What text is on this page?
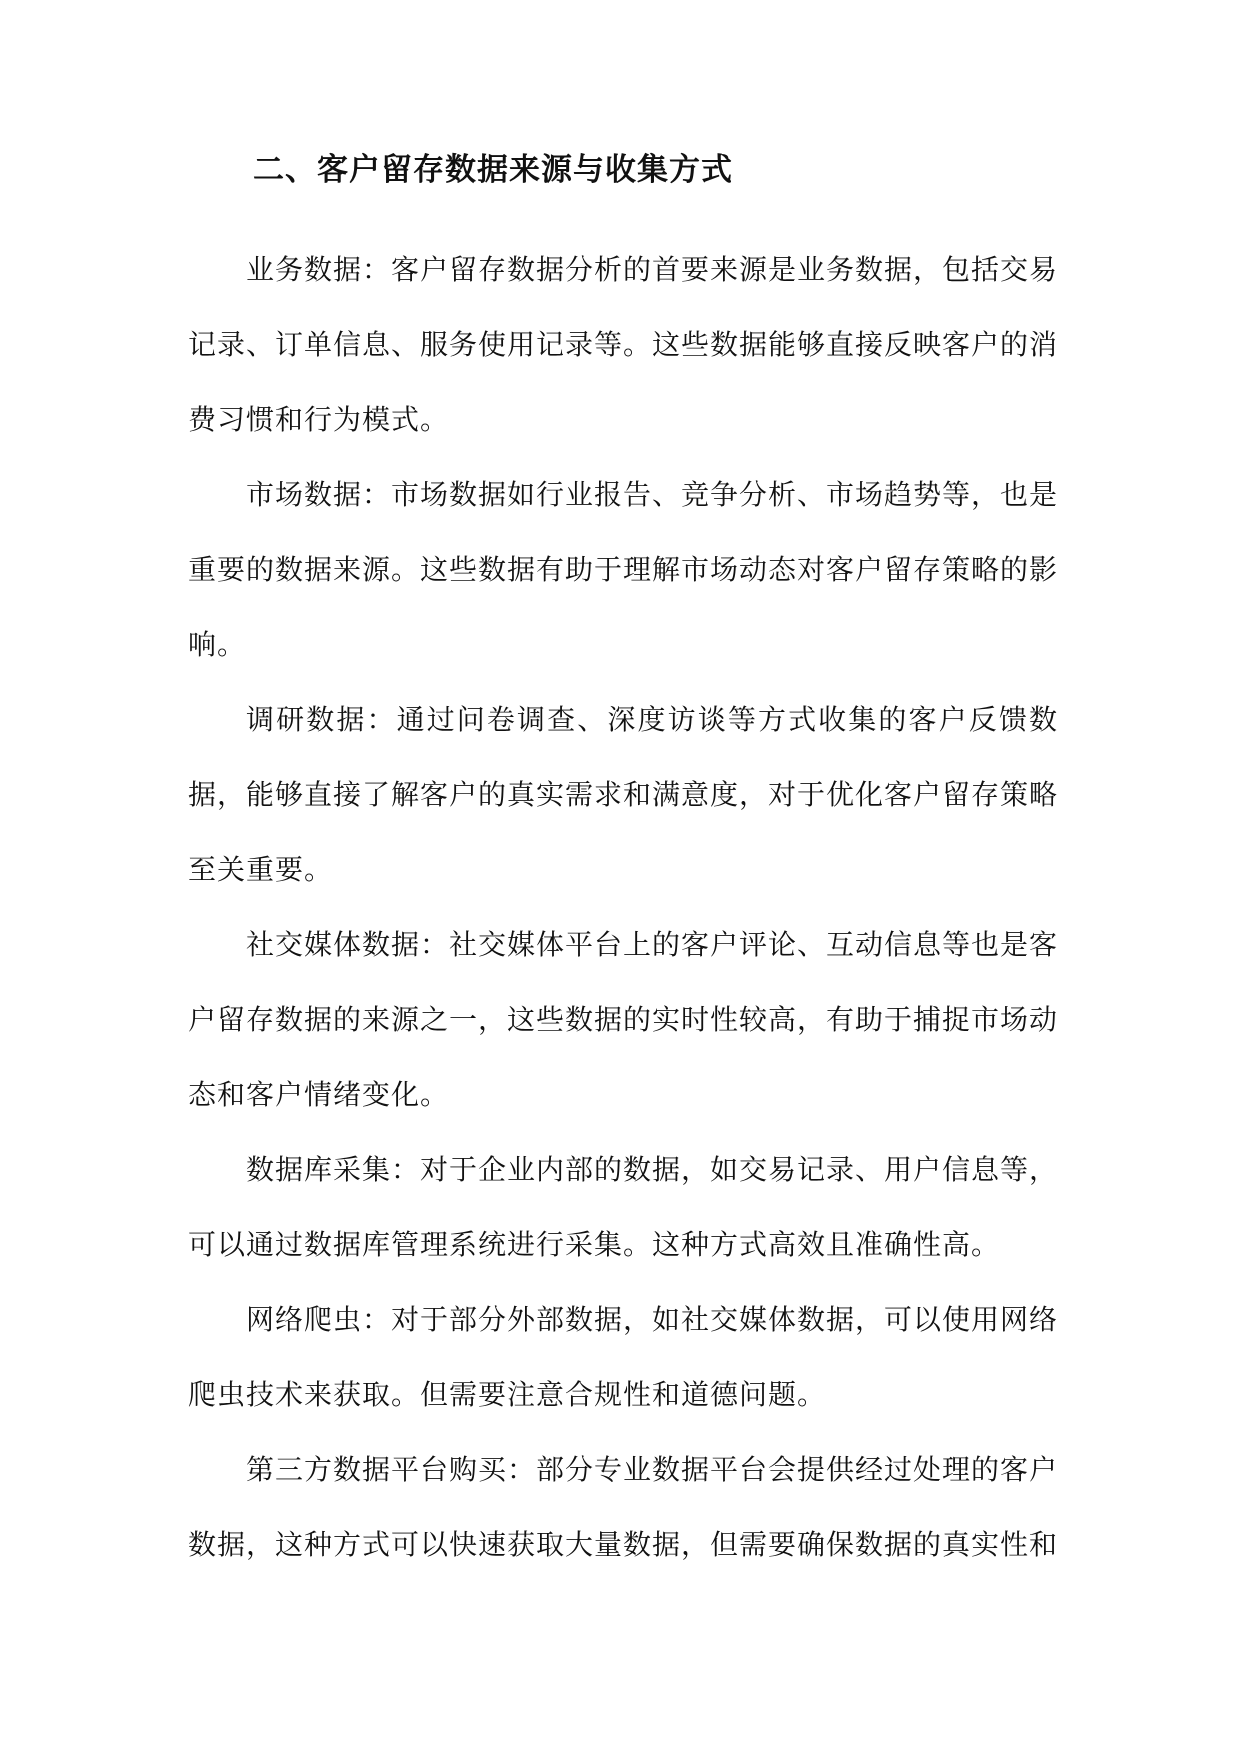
二、客户留存数据来源与收集方式

业务数据：客户留存数据分析的首要来源是业务数据，包括交易记录、订单信息、服务使用记录等。这些数据能够直接反映客户的消费习惯和行为模式。

市场数据：市场数据如行业报告、竞争分析、市场趋势等，也是重要的数据来源。这些数据有助于理解市场动态对客户留存策略的影响。

调研数据：通过问卷调查、深度访谈等方式收集的客户反馈数据，能够直接了解客户的真实需求和满意度，对于优化客户留存策略至关重要。

社交媒体数据：社交媒体平台上的客户评论、互动信息等也是客户留存数据的来源之一，这些数据的实时性较高，有助于捕捉市场动态和客户情绪变化。

数据库采集：对于企业内部的数据，如交易记录、用户信息等，可以通过数据库管理系统进行采集。这种方式高效且准确性高。

网络爬虫：对于部分外部数据，如社交媒体数据，可以使用网络爬虫技术来获取。但需要注意合规性和道德问题。

第三方数据平台购买：部分专业数据平台会提供经过处理的客户数据，这种方式可以快速获取大量数据，但需要确保数据的真实性和
